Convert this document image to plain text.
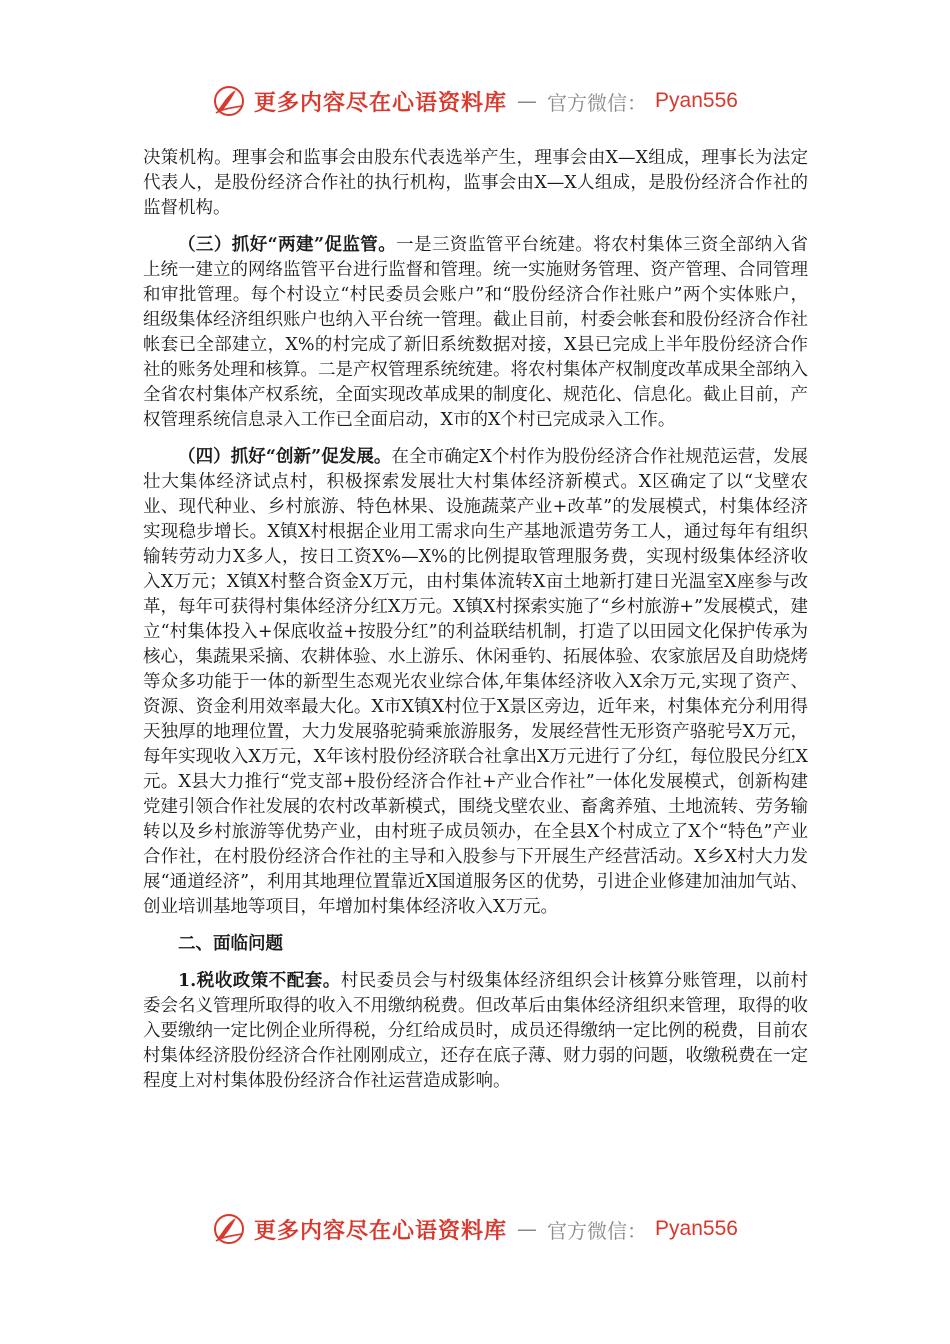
更多内容尽在心语资料库 — 官方微信： Pyan556

决策机构。理事会和监事会由股东代表选举产生，理事会由X—X组成，理事长为法定代表人，是股份经济合作社的执行机构，监事会由X—X人组成，是股份经济合作社的监督机构。

（三）抓好“两建”促监管。一是三资监管平台统建。将农村集体三资全部纳入省上统一建立的网络监管平台进行监督和管理。统一实施财务管理、资产管理、合同管理和审批管理。每个村设立“村民委员会账户”和“股份经济合作社账户”两个实体账户，组级集体经济组织账户也纳入平台统一管理。截止目前，村委会帐套和股份经济合作社帐套已全部建立，X%的村完成了新旧系统数据对接，X县已完成上半年股份经济合作社的账务处理和核算。二是产权管理系统统建。将农村集体产权制度改革成果全部纳入全省农村集体产权系统，全面实现改革成果的制度化、规范化、信息化。截止目前，产权管理系统信息录入工作已全面启动，X市的X个村已完成录入工作。

（四）抓好“创新”促发展。在全市确定X个村作为股份经济合作社规范运营，发展壮大集体经济试点村，积极探索发展壮大村集体经济新模式。X区确定了以“戈壁农业、现代种业、乡村旅游、特色林果、设施蔬菜产业+改革”的发展模式，村集体经济实现稳步增长。X镇X村根据企业用工需求向生产基地派遣劳务工人，通过每年有组织输转劳动力X多人，按日工资X%—X%的比例提取管理服务费，实现村级集体经济收入X万元；X镇X村整合资金X万元，由村集体流转X亩土地新打建日光温室X座参与改革，每年可获得村集体经济分红X万元。X镇X村探索实施了“乡村旅游+”发展模式，建立“村集体投入+保底收益+按股分红”的利益联结机制，打造了以田园文化保护传承为核心，集蔬果采摘、农耕体验、水上游乐、休闲垂钓、拓展体验、农家旅居及自助烧烤等众多功能于一体的新型生态观光农业综合体,年集体经济收入X余万元,实现了资产、资源、资金利用效率最大化。X市X镇X村位于X景区旁边，近年来，村集体充分利用得天独厚的地理位置，大力发展骆驼骑乘旅游服务，发展经营性无形资产骆驼号X万元，每年实现收入X万元，X年该村股份经济联合社拿出X万元进行了分红，每位股民分红X元。X县大力推行“党支部+股份经济合作社+产业合作社”一体化发展模式，创新构建党建引领合作社发展的农村改革新模式，围绕戈壁农业、畜禽养殖、土地流转、劳务输转以及乡村旅游等优势产业，由村班子成员领办，在全县X个村成立了X个“特色”产业合作社，在村股份经济合作社的主导和入股参与下开展生产经营活动。X乡X村大力发展“通道经济”，利用其地理位置靠近X国道服务区的优势，引进企业修建加油加气站、创业培训基地等项目，年增加村集体经济收入X万元。

二、面临问题

1.税收政策不配套。村民委员会与村级集体经济组织会计核算分账管理，以前村委会名义管理所取得的收入不用缴纳税费。但改革后由集体经济组织来管理，取得的收入要缴纳一定比例企业所得税，分红给成员时，成员还得缴纳一定比例的税费，目前农村集体经济股份经济合作社刚刚成立，还存在底子薄、财力弱的问题，收缴税费在一定程度上对村集体股份经济合作社运营造成影响。

更多内容尽在心语资料库 — 官方微信： Pyan556
